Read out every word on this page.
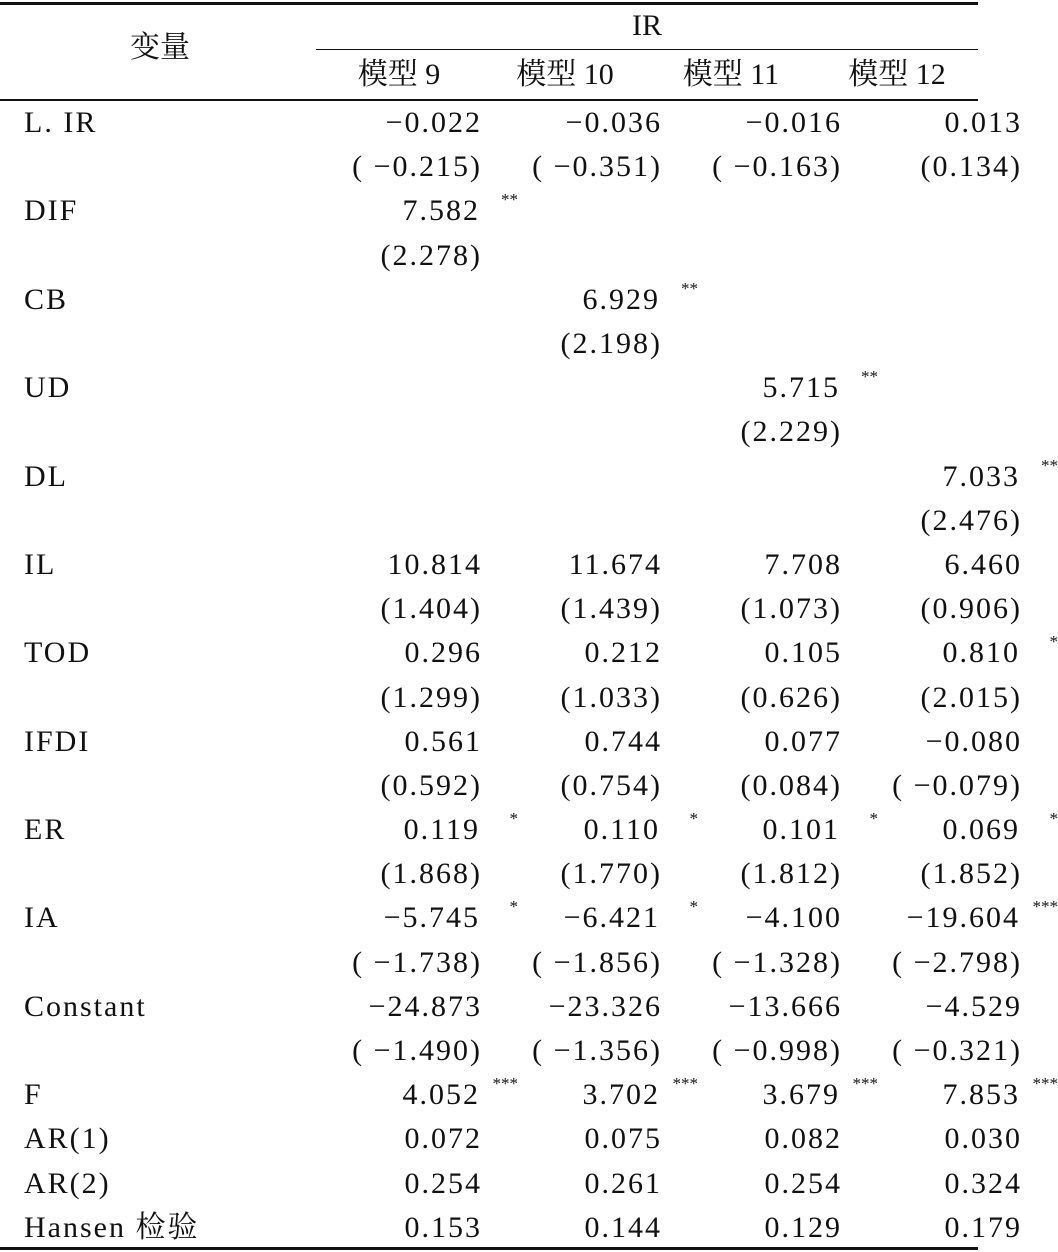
变量
IR
模型 9	模型 10	模型 11	模型 12
L. IR	−0.022	−0.036	−0.016	0.013
	( −0.215)	( −0.351)	( −0.163)	(0.134)
DIF	7.582 **			

	(2.278)			
CB		6.929 **		

		(2.198)		
UD			5.715 **	

			(2.229)	
DL				7.033 **

				(2.476)
IL	10.814	11.674	7.708	6.460
	(1.404)	(1.439)	(1.073)	(0.906)
TOD	0.296	0.212	0.105	0.810 *

	(1.299)	(1.033)	(0.626)	(2.015)
IFDI	0.561	0.744	0.077	−0.080
	(0.592)	(0.754)	(0.084)	( −0.079)
ER	0.119 *	0.110 *	0.101 *	0.069 *

	(1.868)	(1.770)	(1.812)	(1.852)
IA	−5.745 *	−6.421 *	−4.100	−19.604 ***

	( −1.738)	( −1.856)	( −1.328)	( −2.798)
Constant	−24.873	−23.326	−13.666	−4.529
	( −1.490)	( −1.356)	( −0.998)	( −0.321)
F	4.052 ***	3.702 ***	3.679 ***	7.853 ***

AR(1)	0.072	0.075	0.082	0.030
AR(2)	0.254	0.261	0.254	0.324
Hansen 检验	0.153	0.144	0.129	0.179
